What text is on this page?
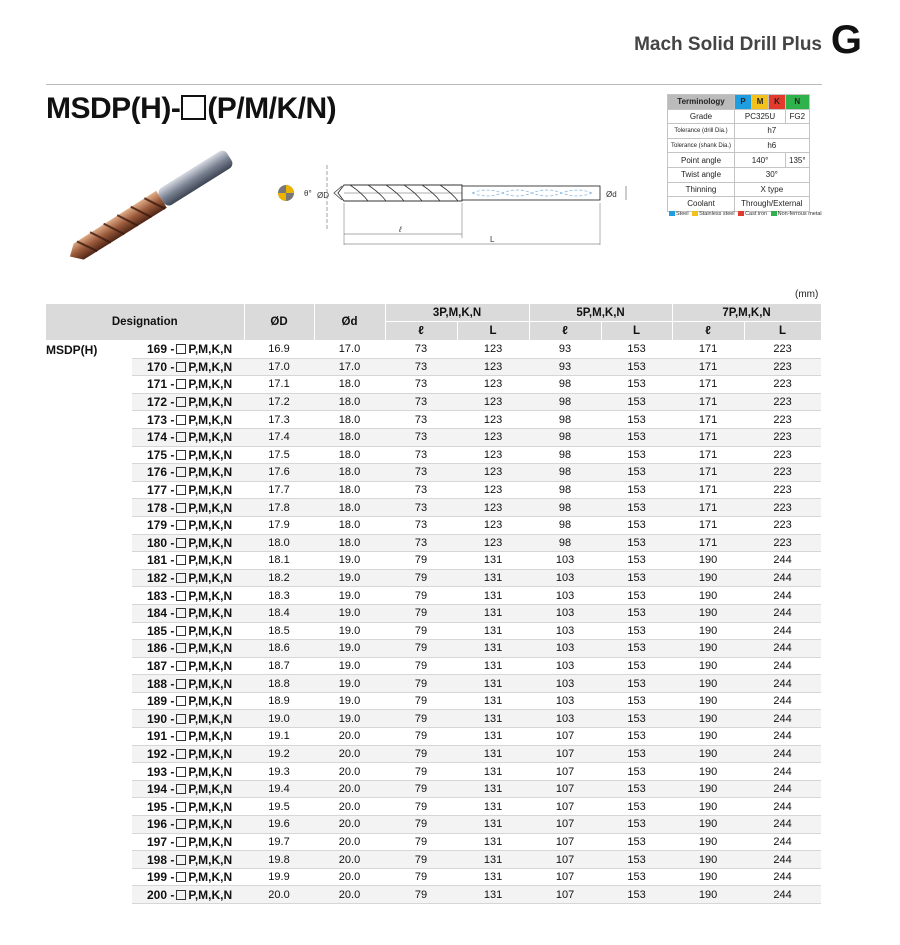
Mach Solid Drill Plus G
MSDP(H)- (P/M/K/N)
θ° ØD	Ød
ℓ
L
Terminology	P	M	K	N
Grade	PC325U			FG2
Tolerance (drill Dia.)	h7			
Tolerance (shank Dia.)	h6			
Point angle	140°			135°
Twist angle	30°			
Thinning	X type			
Coolant	Through/External			
Steel Stainless steel Cast iron Non-ferrous metal
(mm)
Designation		ØD	Ød	3P,M,K,N		5P,M,K,N		7P,M,K,N	
				ℓ	L	ℓ	L	ℓ	L
MSDP(H)	169 - P,M,K,N	16.9	17.0	73	123	93	153	171	223
	170 - P,M,K,N	17.0	17.0	73	123	93	153	171	223
	171 - P,M,K,N	17.1	18.0	73	123	98	153	171	223
	172 - P,M,K,N	17.2	18.0	73	123	98	153	171	223
	173 - P,M,K,N	17.3	18.0	73	123	98	153	171	223
	174 - P,M,K,N	17.4	18.0	73	123	98	153	171	223
	175 - P,M,K,N	17.5	18.0	73	123	98	153	171	223
	176 - P,M,K,N	17.6	18.0	73	123	98	153	171	223
	177 - P,M,K,N	17.7	18.0	73	123	98	153	171	223
	178 - P,M,K,N	17.8	18.0	73	123	98	153	171	223
	179 - P,M,K,N	17.9	18.0	73	123	98	153	171	223
	180 - P,M,K,N	18.0	18.0	73	123	98	153	171	223
	181 - P,M,K,N	18.1	19.0	79	131	103	153	190	244
	182 - P,M,K,N	18.2	19.0	79	131	103	153	190	244
	183 - P,M,K,N	18.3	19.0	79	131	103	153	190	244
	184 - P,M,K,N	18.4	19.0	79	131	103	153	190	244
	185 - P,M,K,N	18.5	19.0	79	131	103	153	190	244
	186 - P,M,K,N	18.6	19.0	79	131	103	153	190	244
	187 - P,M,K,N	18.7	19.0	79	131	103	153	190	244
	188 - P,M,K,N	18.8	19.0	79	131	103	153	190	244
	189 - P,M,K,N	18.9	19.0	79	131	103	153	190	244
	190 - P,M,K,N	19.0	19.0	79	131	103	153	190	244
	191 - P,M,K,N	19.1	20.0	79	131	107	153	190	244
	192 - P,M,K,N	19.2	20.0	79	131	107	153	190	244
	193 - P,M,K,N	19.3	20.0	79	131	107	153	190	244
	194 - P,M,K,N	19.4	20.0	79	131	107	153	190	244
	195 - P,M,K,N	19.5	20.0	79	131	107	153	190	244
	196 - P,M,K,N	19.6	20.0	79	131	107	153	190	244
	197 - P,M,K,N	19.7	20.0	79	131	107	153	190	244
	198 - P,M,K,N	19.8	20.0	79	131	107	153	190	244
	199 - P,M,K,N	19.9	20.0	79	131	107	153	190	244
	200 - P,M,K,N	20.0	20.0	79	131	107	153	190	244
